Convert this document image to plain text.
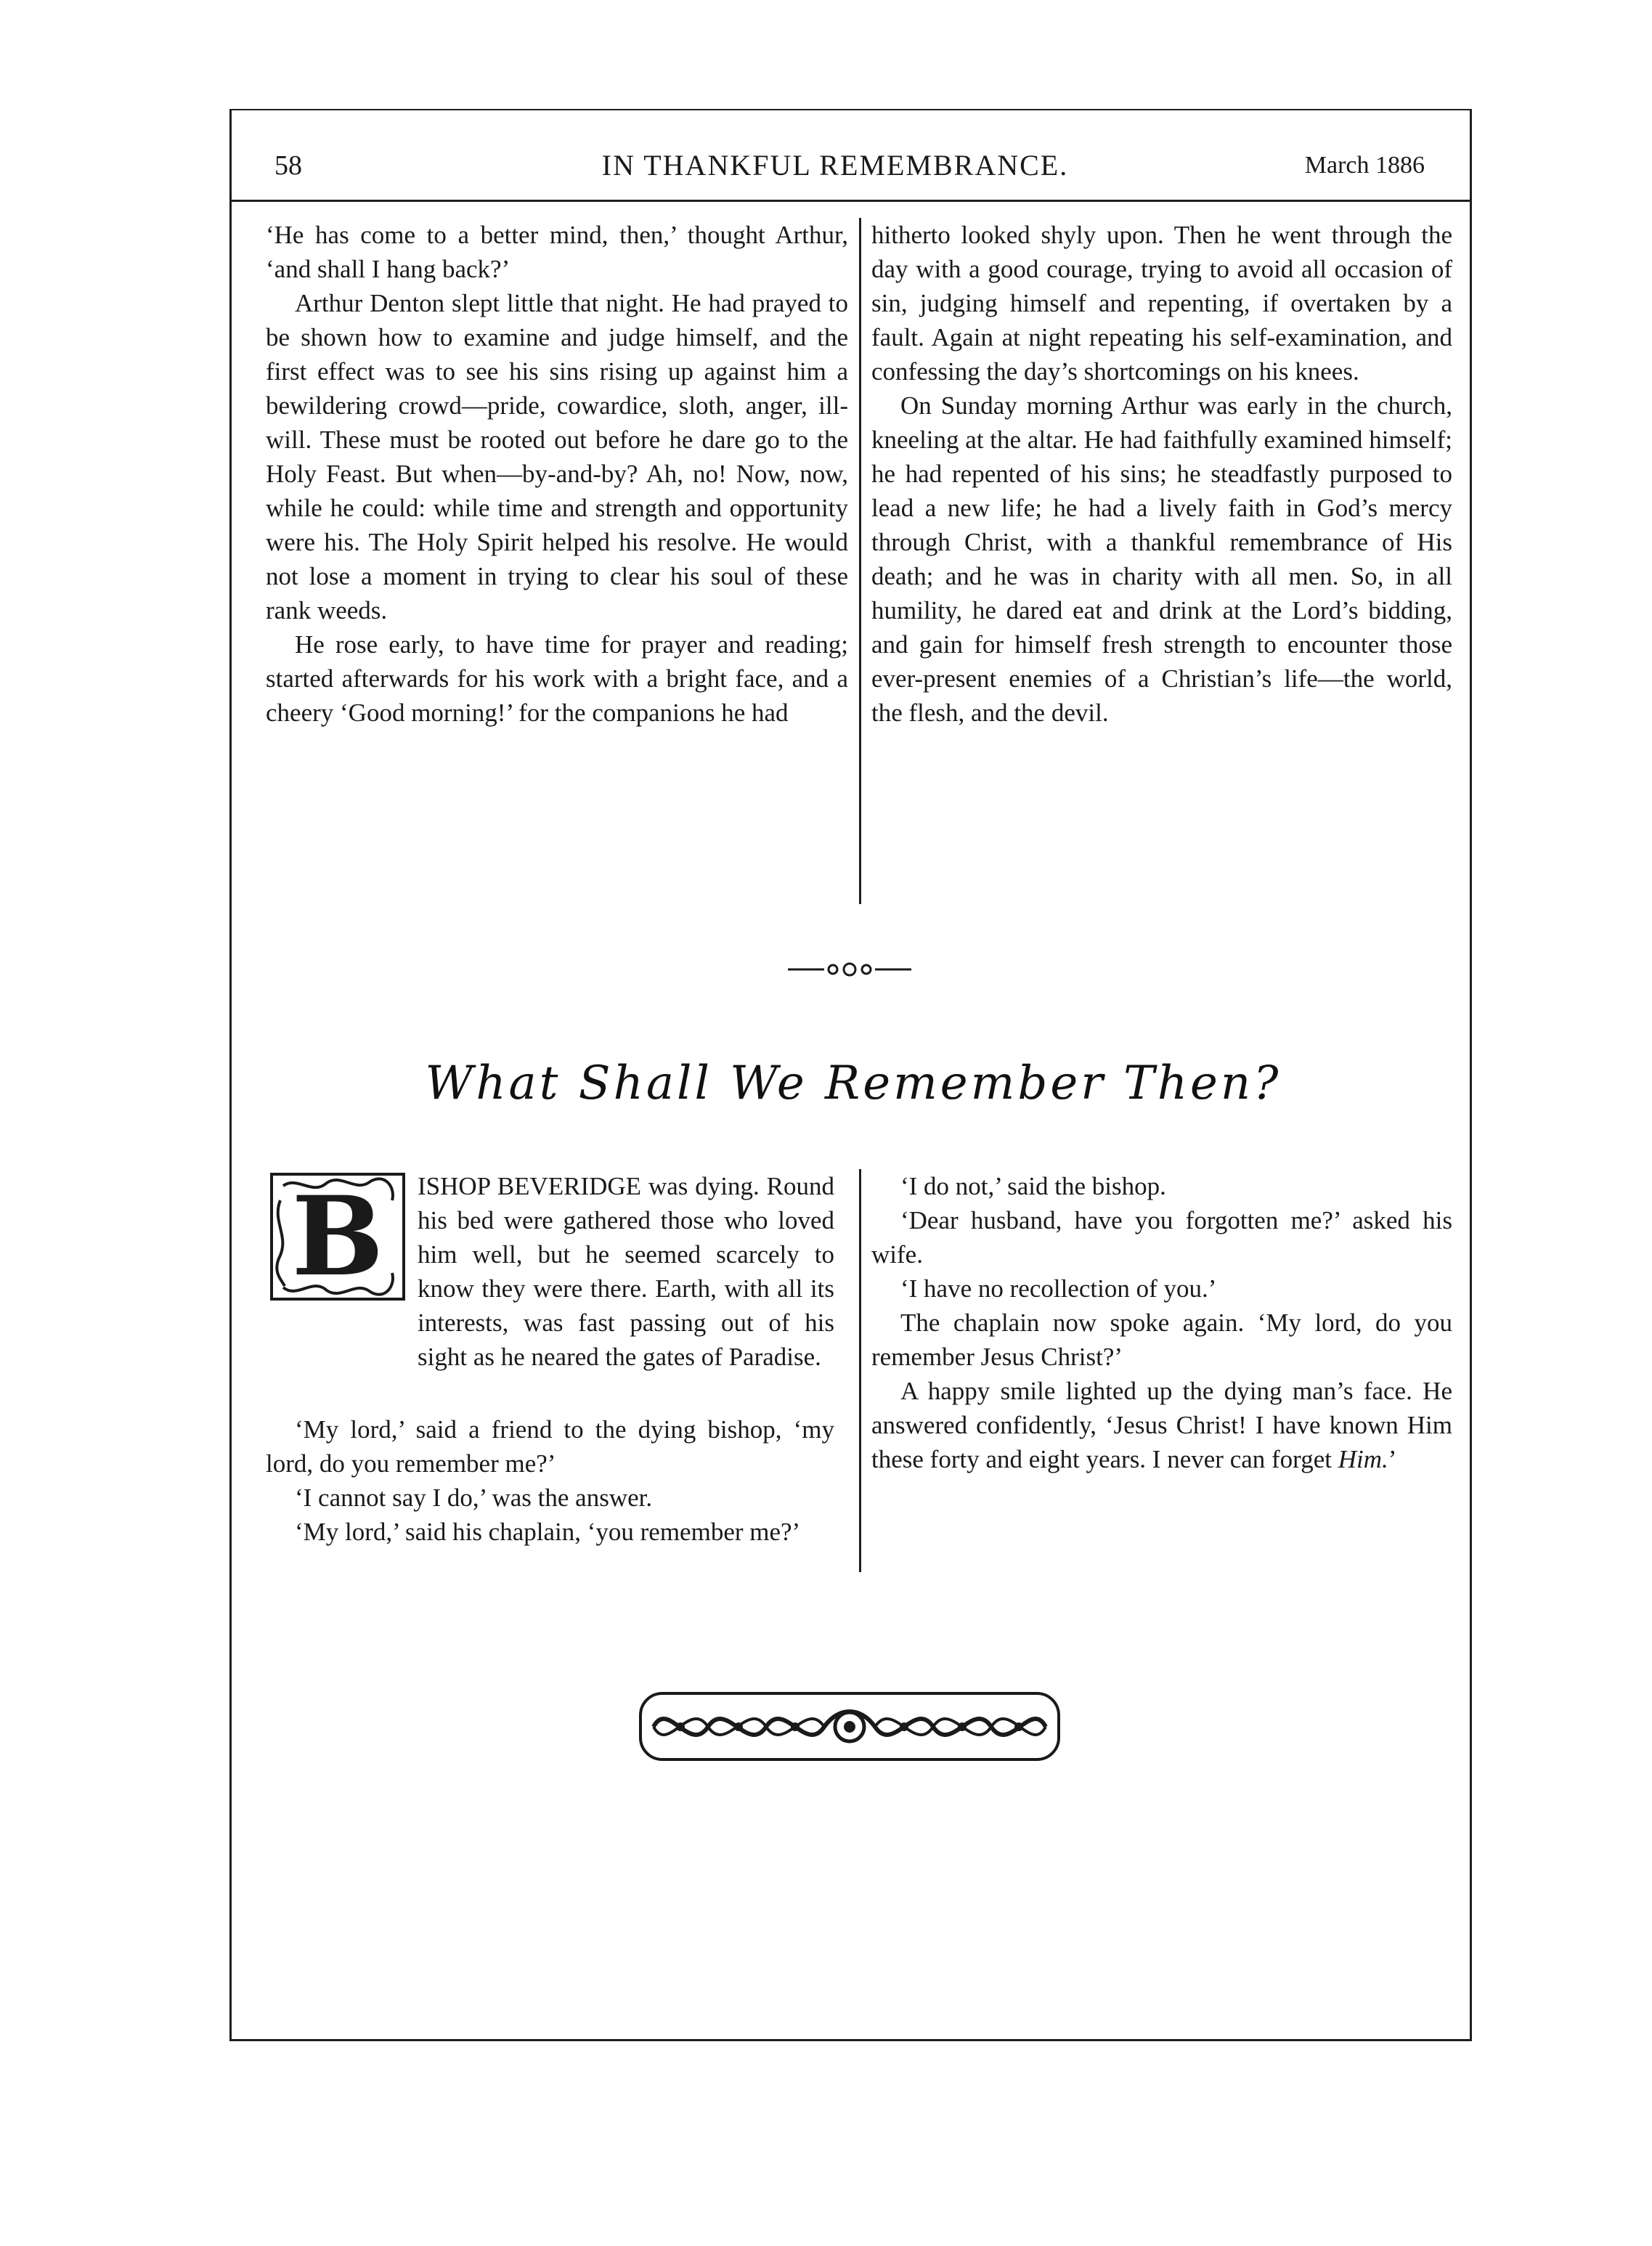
58	IN THANKFUL REMEMBRANCE.	March 1886

‘He has come to a better mind, then,’ thought Arthur, ‘and shall I hang back?’

Arthur Denton slept little that night. He had prayed to be shown how to examine and judge himself, and the first effect was to see his sins rising up against him a bewildering crowd—pride, cowardice, sloth, anger, ill-will. These must be rooted out before he dare go to the Holy Feast. But when—by-and-by? Ah, no! Now, now, while he could: while time and strength and opportunity were his. The Holy Spirit helped his resolve. He would not lose a moment in trying to clear his soul of these rank weeds.

He rose early, to have time for prayer and reading; started afterwards for his work with a bright face, and a cheery ‘Good morning!’ for the companions he had

hitherto looked shyly upon. Then he went through the day with a good courage, trying to avoid all occasion of sin, judging himself and repenting, if overtaken by a fault. Again at night repeating his self-examination, and confessing the day’s shortcomings on his knees.

On Sunday morning Arthur was early in the church, kneeling at the altar. He had faithfully examined himself; he had repented of his sins; he steadfastly purposed to lead a new life; he had a lively faith in God’s mercy through Christ, with a thankful remembrance of His death; and he was in charity with all men. So, in all humility, he dared eat and drink at the Lord’s bidding, and gain for himself fresh strength to encounter those ever-present enemies of a Christian’s life—the world, the flesh, and the devil.

What Shall We Remember Then?
B ISHOP BEVERIDGE was dying. Round his bed were gathered those who loved him well, but he seemed scarcely to know they were there. Earth, with all its interests, was fast passing out of his sight as he neared the gates of Paradise.

‘My lord,’ said a friend to the dying bishop, ‘my lord, do you remember me?’

‘I cannot say I do,’ was the answer.

‘My lord,’ said his chaplain, ‘you remember me?’

‘I do not,’ said the bishop.

‘Dear husband, have you forgotten me?’ asked his wife.

‘I have no recollection of you.’

The chaplain now spoke again. ‘My lord, do you remember Jesus Christ?’

A happy smile lighted up the dying man’s face. He answered confidently, ‘Jesus Christ! I have known Him these forty and eight years. I never can forget Him.’
